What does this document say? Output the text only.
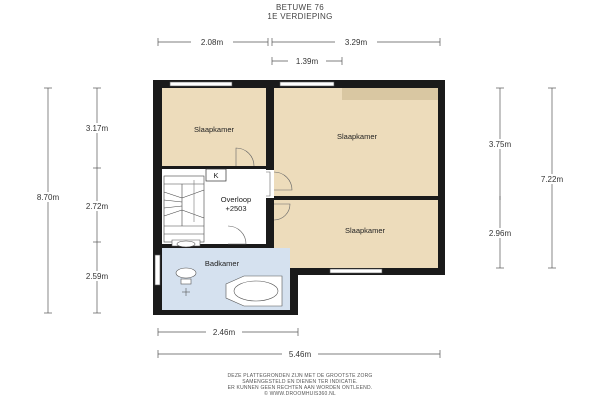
BETUWE 76
1E VERDIEPING
2.08m	3.29m
1.39m
8.70m
3.17m
2.72m
2.59m
3.75m
2.96m
7.22m
2.46m
5.46m
K
Slaapkamer
Slaapkamer
Slaapkamer
Overloop
+2503
Badkamer
DEZE PLATTEGRONDEN ZIJN MET DE GROOTSTE ZORG
SAMENGESTELD EN DIENEN TER INDICATIE.
ER KUNNEN GEEN RECHTEN AAN WORDEN ONTLEEND.
© WWW.DROOMHUIS360.NL
